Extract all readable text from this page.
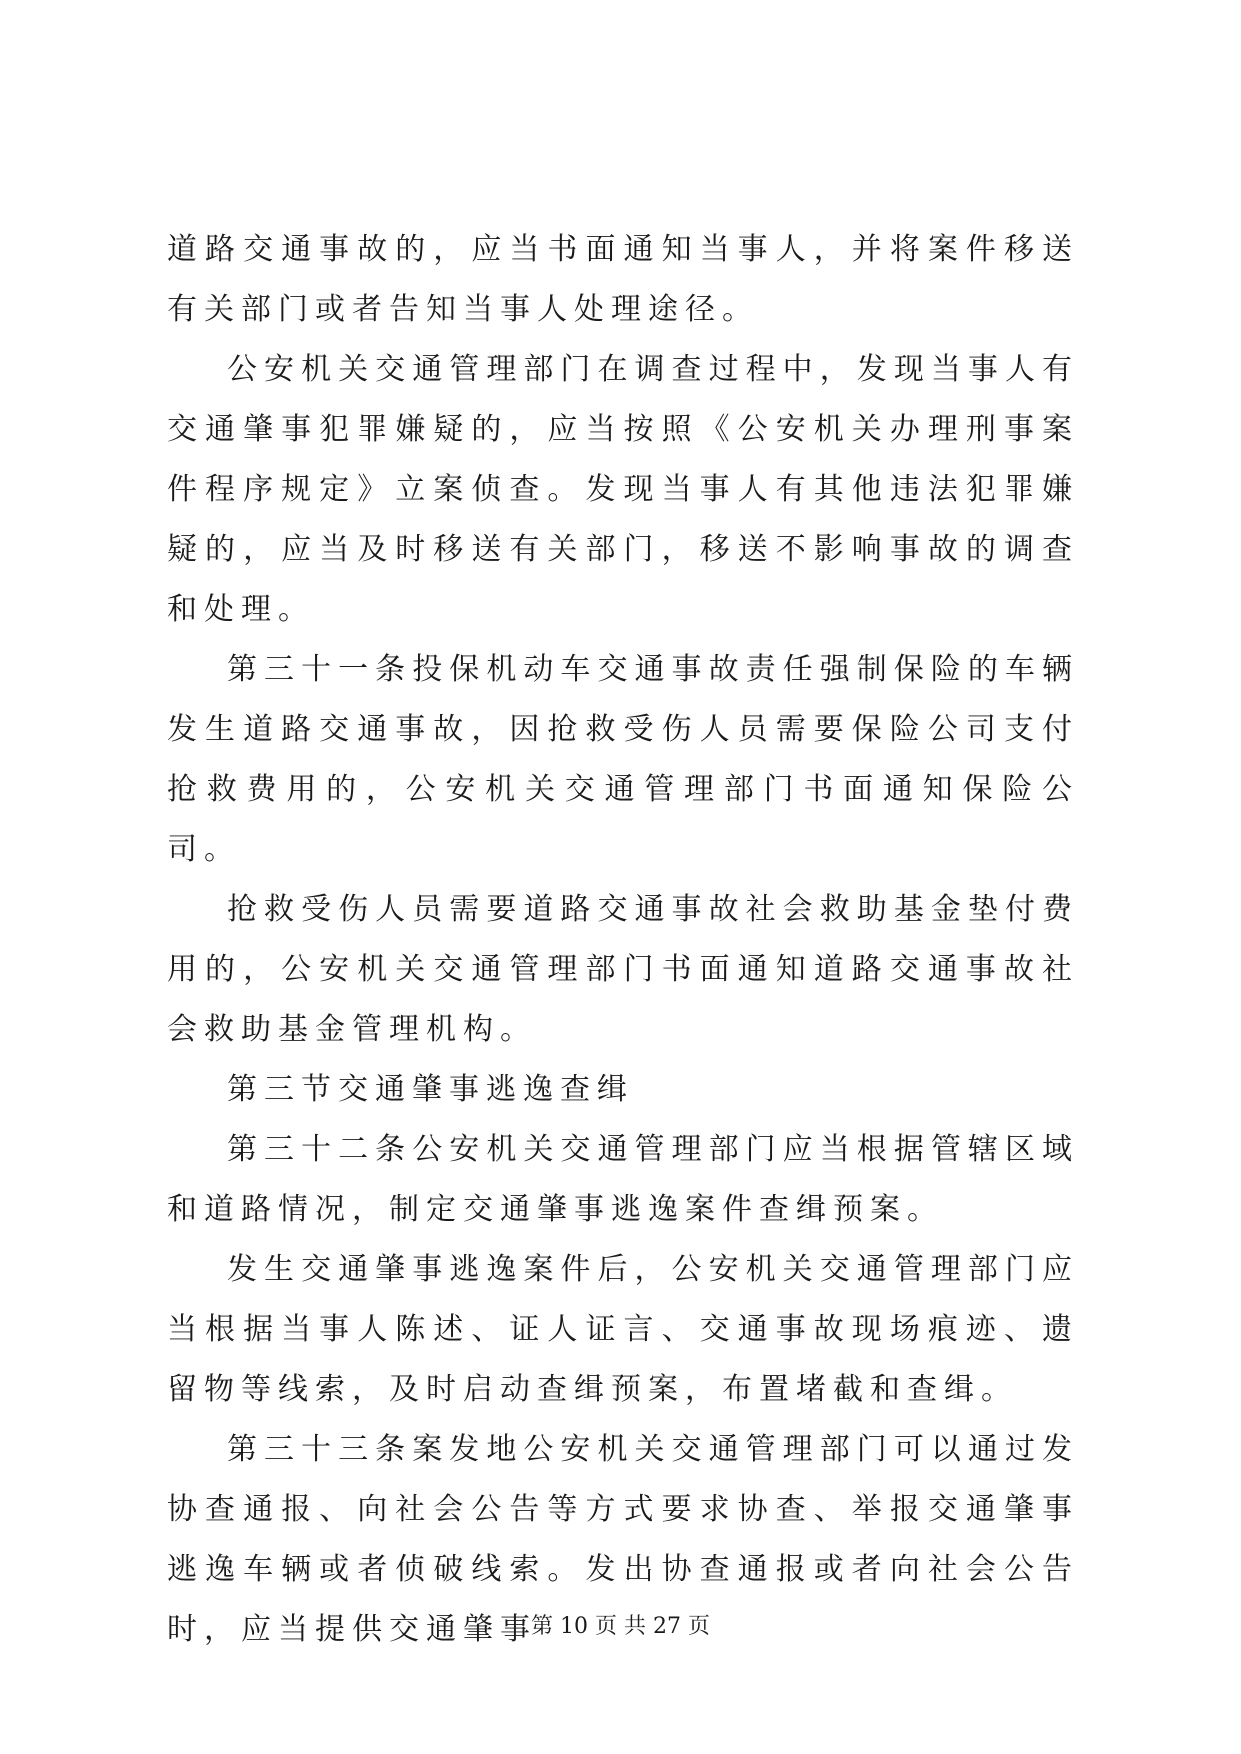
道路交通事故的，应当书面通知当事人，并将案件移送有关部门或者告知当事人处理途径。

公安机关交通管理部门在调查过程中，发现当事人有交通肇事犯罪嫌疑的，应当按照《公安机关办理刑事案件程序规定》立案侦查。发现当事人有其他违法犯罪嫌疑的，应当及时移送有关部门，移送不影响事故的调查和处理。

第三十一条投保机动车交通事故责任强制保险的车辆发生道路交通事故，因抢救受伤人员需要保险公司支付抢救费用的，公安机关交通管理部门书面通知保险公司。

抢救受伤人员需要道路交通事故社会救助基金垫付费用的，公安机关交通管理部门书面通知道路交通事故社会救助基金管理机构。

第三节交通肇事逃逸查缉

第三十二条公安机关交通管理部门应当根据管辖区域和道路情况，制定交通肇事逃逸案件查缉预案。

发生交通肇事逃逸案件后，公安机关交通管理部门应当根据当事人陈述、证人证言、交通事故现场痕迹、遗留物等线索，及时启动查缉预案，布置堵截和查缉。

第三十三条案发地公安机关交通管理部门可以通过发协查通报、向社会公告等方式要求协查、举报交通肇事逃逸车辆或者侦破线索。发出协查通报或者向社会公告时，应当提供交通肇事

第 10 页 共 27 页
